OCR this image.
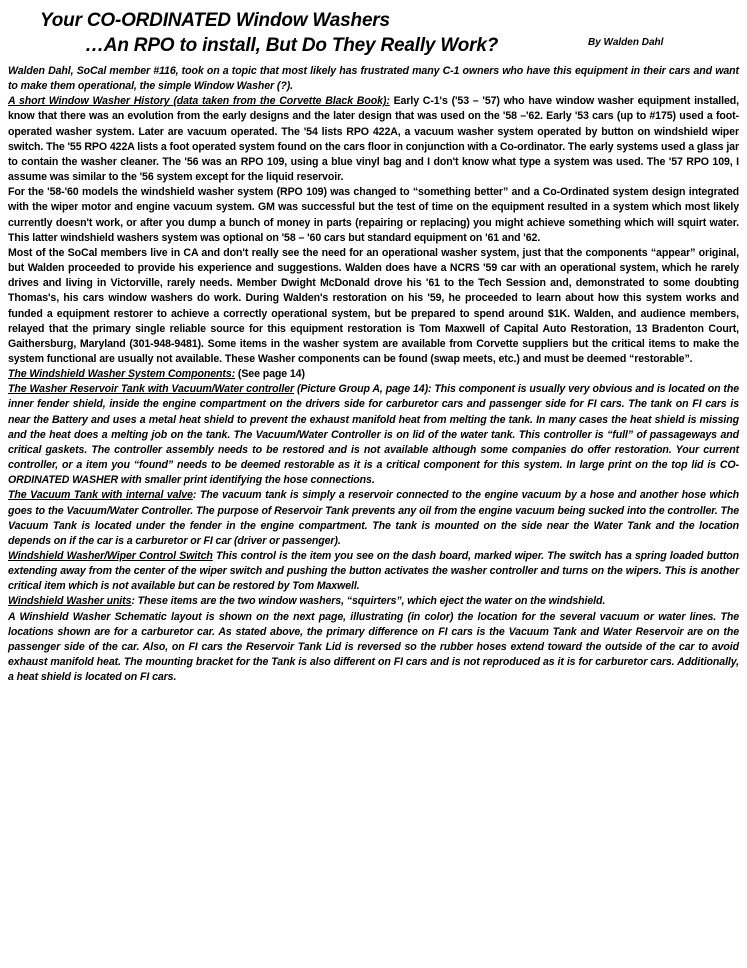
Your CO-ORDINATED Window Washers
…An RPO to install, But Do They Really Work?	By Walden Dahl

Walden Dahl, SoCal member #116, took on a topic that most likely has frustrated many C-1 owners who have this equipment in their cars and want to make them operational, the simple Window Washer (?).

A short Window Washer History (data taken from the Corvette Black Book): Early C-1's ('53 – '57) who have window washer equipment installed, know that there was an evolution from the early designs and the later design that was used on the '58 –'62. Early '53 cars (up to #175) used a foot-operated washer system. Later are vacuum operated. The '54 lists RPO 422A, a vacuum washer system operated by button on windshield wiper switch. The '55 RPO 422A lists a foot operated system found on the cars floor in conjunction with a Co-ordinator. The early systems used a glass jar to contain the washer cleaner. The '56 was an RPO 109, using a blue vinyl bag and I don't know what type a system was used. The '57 RPO 109, I assume was similar to the '56 system except for the liquid reservoir.

For the '58-'60 models the windshield washer system (RPO 109) was changed to “something better” and a Co-Ordinated system design integrated with the wiper motor and engine vacuum system. GM was successful but the test of time on the equipment resulted in a system which most likely currently doesn't work, or after you dump a bunch of money in parts (repairing or replacing) you might achieve something which will squirt water. This latter windshield washers system was optional on '58 – '60 cars but standard equipment on '61 and '62.

Most of the SoCal members live in CA and don't really see the need for an operational washer system, just that the components “appear” original, but Walden proceeded to provide his experience and suggestions. Walden does have a NCRS '59 car with an operational system, which he rarely drives and living in Victorville, rarely needs. Member Dwight McDonald drove his '61 to the Tech Session and, demonstrated to some doubting Thomas's, his cars window washers do work. During Walden's restoration on his '59, he proceeded to learn about how this system works and funded a equipment restorer to achieve a correctly operational system, but be prepared to spend around $1K. Walden, and audience members, relayed that the primary single reliable source for this equipment restoration is Tom Maxwell of Capital Auto Restoration, 13 Bradenton Court, Gaithersburg, Maryland (301-948-9481). Some items in the washer system are available from Corvette suppliers but the critical items to make the system functional are usually not available. These Washer components can be found (swap meets, etc.) and must be deemed “restorable”.

The Windshield Washer System Components: (See page 14)

The Washer Reservoir Tank with Vacuum/Water controller (Picture Group A, page 14): This component is usually very obvious and is located on the inner fender shield, inside the engine compartment on the drivers side for carburetor cars and passenger side for FI cars. The tank on FI cars is near the Battery and uses a metal heat shield to prevent the exhaust manifold heat from melting the tank. In many cases the heat shield is missing and the heat does a melting job on the tank. The Vacuum/Water Controller is on lid of the water tank. This controller is “full” of passageways and critical gaskets. The controller assembly needs to be restored and is not available although some companies do offer restoration. Your current controller, or a item you “found” needs to be deemed restorable as it is a critical component for this system. In large print on the top lid is CO-ORDINATED WASHER with smaller print identifying the hose connections.

The Vacuum Tank with internal valve: The vacuum tank is simply a reservoir connected to the engine vacuum by a hose and another hose which goes to the Vacuum/Water Controller. The purpose of Reservoir Tank prevents any oil from the engine vacuum being sucked into the controller. The Vacuum Tank is located under the fender in the engine compartment. The tank is mounted on the side near the Water Tank and the location depends on if the car is a carburetor or FI car (driver or passenger).

Windshield Washer/Wiper Control Switch This control is the item you see on the dash board, marked wiper. The switch has a spring loaded button extending away from the center of the wiper switch and pushing the button activates the washer controller and turns on the wipers. This is another critical item which is not available but can be restored by Tom Maxwell.

Windshield Washer units: These items are the two window washers, “squirters”, which eject the water on the windshield.

A Winshield Washer Schematic layout is shown on the next page, illustrating (in color) the location for the several vacuum or water lines. The locations shown are for a carburetor car. As stated above, the primary difference on FI cars is the Vacuum Tank and Water Reservoir are on the passenger side of the car. Also, on FI cars the Reservoir Tank Lid is reversed so the rubber hoses extend toward the outside of the car to avoid exhaust manifold heat. The mounting bracket for the Tank is also different on FI cars and is not reproduced as it is for carburetor cars. Additionally, a heat shield is located on FI cars.
